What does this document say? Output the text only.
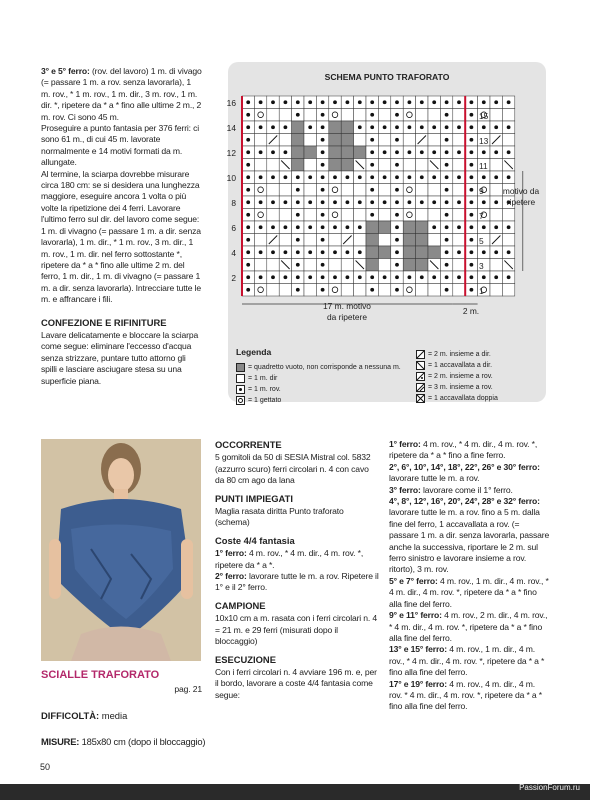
3° e 5° ferro: (rov. del lavoro) 1 m. di vivago (= passare 1 m. a rov. senza lavorarla), 1 m. rov., * 1 m. rov., 1 m. dir., 3 m. rov., 1 m. dir. *, ripetere da * a * fino alle ultime 2 m., 2 m. rov. Ci sono 45 m.

Proseguire a punto fantasia per 376 ferri: ci sono 61 m., di cui 45 m. lavorate normalmente e 14 motivi formati da m. allungate.

Al termine, la sciarpa dovrebbe misurare circa 180 cm: se si desidera una lunghezza maggiore, eseguire ancora 1 volta o più volte la ripetizione dei 4 ferri. Lavorare l'ultimo ferro sul dir. del lavoro come segue: 1 m. di vivagno (= passare 1 m. a dir. senza lavorarla), 1 m. dir., * 1 m. rov., 3 m. dir., 1 m. rov., 1 m. dir. nel ferro sottostante *, ripetere da * a * fino alle ultime 2 m. del ferro, 1 m. dir., 1 m. di vivagno (= passare 1 m. a dir. senza lavorarla). Intrecciare tutte le m. e affrancare i fili.

CONFEZIONE E RIFINITURE

Lavare delicatamente e bloccare la sciarpa come segue: eliminare l'eccesso d'acqua senza strizzare, puntare tutto attorno gli spilli e lasciare asciugare stesa su una superficie piana.

SCHEMA PUNTO TRAFORATO
16
14
12
10
8
6
4
2
15
13
11
9
7
5
3
1
motivo da ripetere
17 m. motivo da ripetere
2 m.
Legenda
= quadretto vuoto, non corrisponde a nessuna m.
= 1 m. dir
= 1 m. rov.
= 1 gettato
= 2 m. insieme a dir.
= 1 accavallata a dir.
= 2 m. insieme a rov.
= 3 m. insieme a rov.
= 1 accavallata doppia
SCIALLE TRAFORATO
pag. 21
DIFFICOLTÀ: media
MISURE: 185x80 cm (dopo il bloccaggio)

OCCORRENTE

5 gomitoli da 50 di SESIA Mistral col. 5832 (azzurro scuro) ferri circolari n. 4 con cavo da 80 cm ago da lana

PUNTI IMPIEGATI

Maglia rasata diritta Punto traforato (schema)

Coste 4/4 fantasia

1° ferro: 4 m. rov., * 4 m. dir., 4 m. rov. *, ripetere da * a *.

2° ferro: lavorare tutte le m. a rov. Ripetere il 1° e il 2° ferro.

CAMPIONE

10x10 cm a m. rasata con i ferri circolari n. 4 = 21 m. e 29 ferri (misurati dopo il bloccaggio)

ESECUZIONE

Con i ferri circolari n. 4 avviare 196 m. e, per il bordo, lavorare a coste 4/4 fantasia come segue:

1° ferro: 4 m. rov., * 4 m. dir., 4 m. rov. *, ripetere da * a * fino a fine ferro.

2°, 6°, 10°, 14°, 18°, 22°, 26° e 30° ferro: lavorare tutte le m. a rov.

3° ferro: lavorare come il 1° ferro.

4°, 8°, 12°, 16°, 20°, 24°, 28° e 32° ferro: lavorare tutte le m. a rov. fino a 5 m. dalla fine del ferro, 1 accavallata a rov. (= passare 1 m. a dir. senza lavorarla, passare anche la successiva, riportare le 2 m. sul ferro sinistro e lavorare insieme a rov. ritorto), 3 m. rov.

5° e 7° ferro: 4 m. rov., 1 m. dir., 4 m. rov., * 4 m. dir., 4 m. rov. *, ripetere da * a * fino alla fine del ferro.

9° e 11° ferro: 4 m. rov., 2 m. dir., 4 m. rov., * 4 m. dir., 4 m. rov. *, ripetere da * a * fino alla fine del ferro.

13° e 15° ferro: 4 m. rov., 1 m. dir., 4 m. rov., * 4 m. dir., 4 m. rov. *, ripetere da * a * fino alla fine del ferro.

17° e 19° ferro: 4 m. rov., 4 m. dir., 4 m. rov. * 4 m. dir., 4 m. rov. *, ripetere da * a * fino alla fine del ferro.

50
PassionForum.ru
